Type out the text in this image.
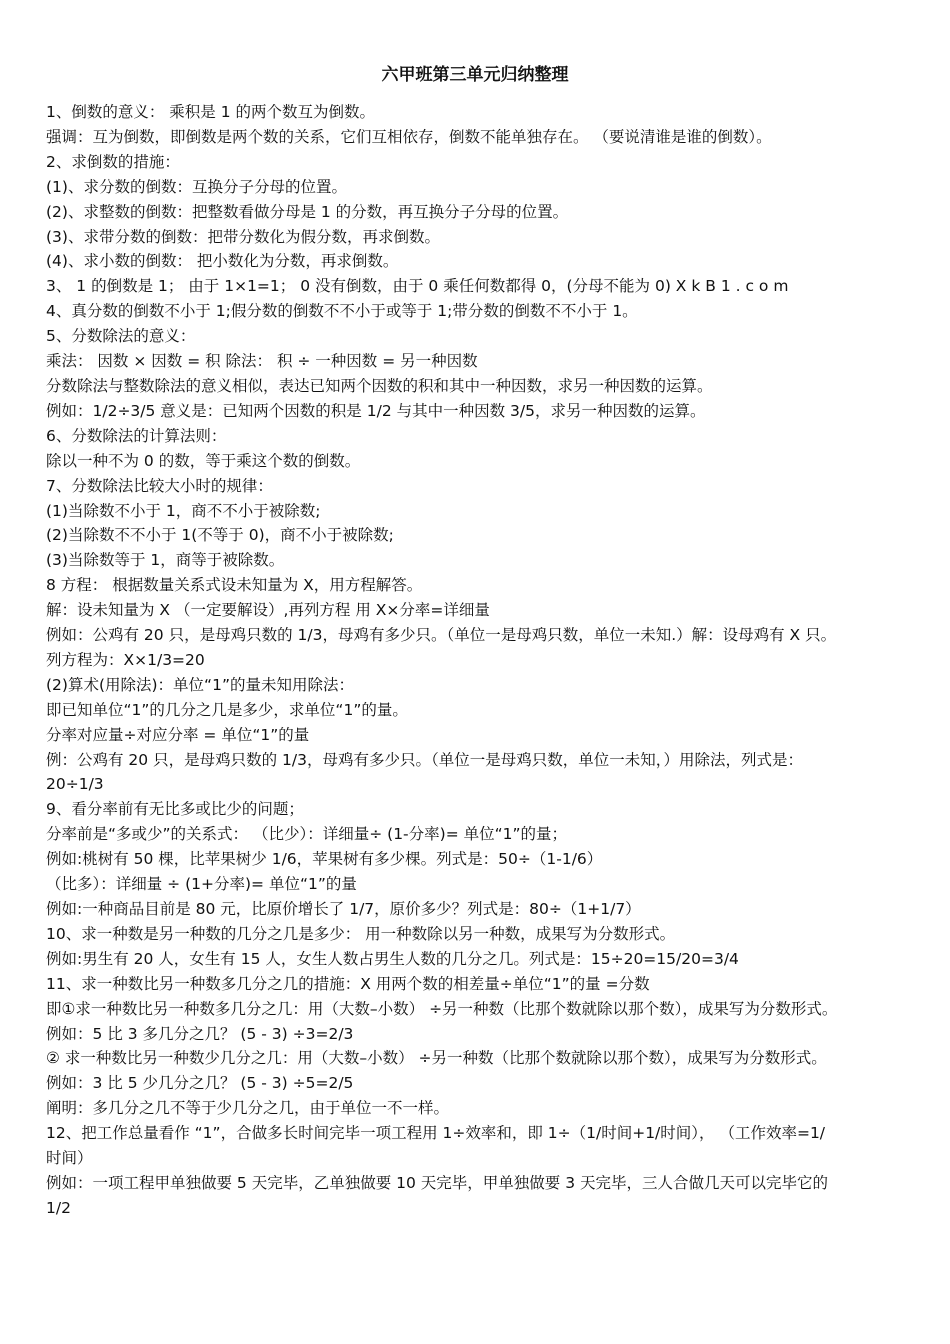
六甲班第三单元归纳整理
1、倒数的意义： 乘积是 1 的两个数互为倒数。
强调：互为倒数，即倒数是两个数的关系，它们互相依存，倒数不能单独存在。 （要说清谁是谁的倒数）。
2、求倒数的措施：
(1)、求分数的倒数：互换分子分母的位置。
(2)、求整数的倒数：把整数看做分母是 1 的分数，再互换分子分母的位置。
(3)、求带分数的倒数：把带分数化为假分数，再求倒数。
(4)、求小数的倒数： 把小数化为分数，再求倒数。
3、 1 的倒数是 1； 由于 1×1=1； 0 没有倒数，由于 0 乘任何数都得 0，(分母不能为 0) X k B 1 . c o m
4、真分数的倒数不小于 1;假分数的倒数不不小于或等于 1;带分数的倒数不不小于 1。
5、分数除法的意义：
乘法： 因数 × 因数 = 积 除法： 积 ÷ 一种因数 = 另一种因数
分数除法与整数除法的意义相似，表达已知两个因数的积和其中一种因数，求另一种因数的运算。
例如：1/2÷3/5 意义是：已知两个因数的积是 1/2 与其中一种因数 3/5，求另一种因数的运算。
6、分数除法的计算法则：
除以一种不为 0 的数，等于乘这个数的倒数。
7、分数除法比较大小时的规律：
(1)当除数不小于 1，商不不小于被除数;
(2)当除数不不小于 1(不等于 0)，商不小于被除数;
(3)当除数等于 1，商等于被除数。
8 方程： 根据数量关系式设未知量为 X，用方程解答。
解：设未知量为 X （一定要解设）,再列方程 用 X×分率=详细量
例如：公鸡有 20 只，是母鸡只数的 1/3，母鸡有多少只。（单位一是母鸡只数，单位一未知.）解：设母鸡有 X 只。
列方程为：X×1/3=20
(2)算术(用除法)：单位“1”的量未知用除法：
即已知单位“1”的几分之几是多少，求单位“1”的量。
分率对应量÷对应分率 = 单位“1”的量
例：公鸡有 20 只，是母鸡只数的 1/3，母鸡有多少只。（单位一是母鸡只数，单位一未知，）用除法，列式是：
20÷1/3
9、看分率前有无比多或比少的问题；
分率前是“多或少”的关系式： （比少）：详细量÷ (1-分率)= 单位“1”的量；
例如:桃树有 50 棵，比苹果树少 1/6，苹果树有多少棵。列式是：50÷（1-1/6）
（比多）：详细量 ÷ (1+分率)= 单位“1”的量
例如:一种商品目前是 80 元，比原价增长了 1/7，原价多少？列式是：80÷（1+1/7）
10、求一种数是另一种数的几分之几是多少： 用一种数除以另一种数，成果写为分数形式。
例如:男生有 20 人，女生有 15 人，女生人数占男生人数的几分之几。列式是：15÷20=15/20=3/4
11、求一种数比另一种数多几分之几的措施：X 用两个数的相差量÷单位“1”的量 =分数
即①求一种数比另一种数多几分之几：用（大数–小数） ÷另一种数（比那个数就除以那个数），成果写为分数形式。
例如：5 比 3 多几分之几？ (5 - 3) ÷3=2/3
② 求一种数比另一种数少几分之几：用（大数–小数） ÷另一种数（比那个数就除以那个数），成果写为分数形式。
例如：3 比 5 少几分之几？ (5 - 3) ÷5=2/5
阐明：多几分之几不等于少几分之几，由于单位一不一样。
12、把工作总量看作 “1”，合做多长时间完毕一项工程用 1÷效率和，即 1÷（1/时间+1/时间）， （工作效率=1/
时间）
例如：一项工程甲单独做要 5 天完毕，乙单独做要 10 天完毕，甲单独做要 3 天完毕，三人合做几天可以完毕它的
1/2
